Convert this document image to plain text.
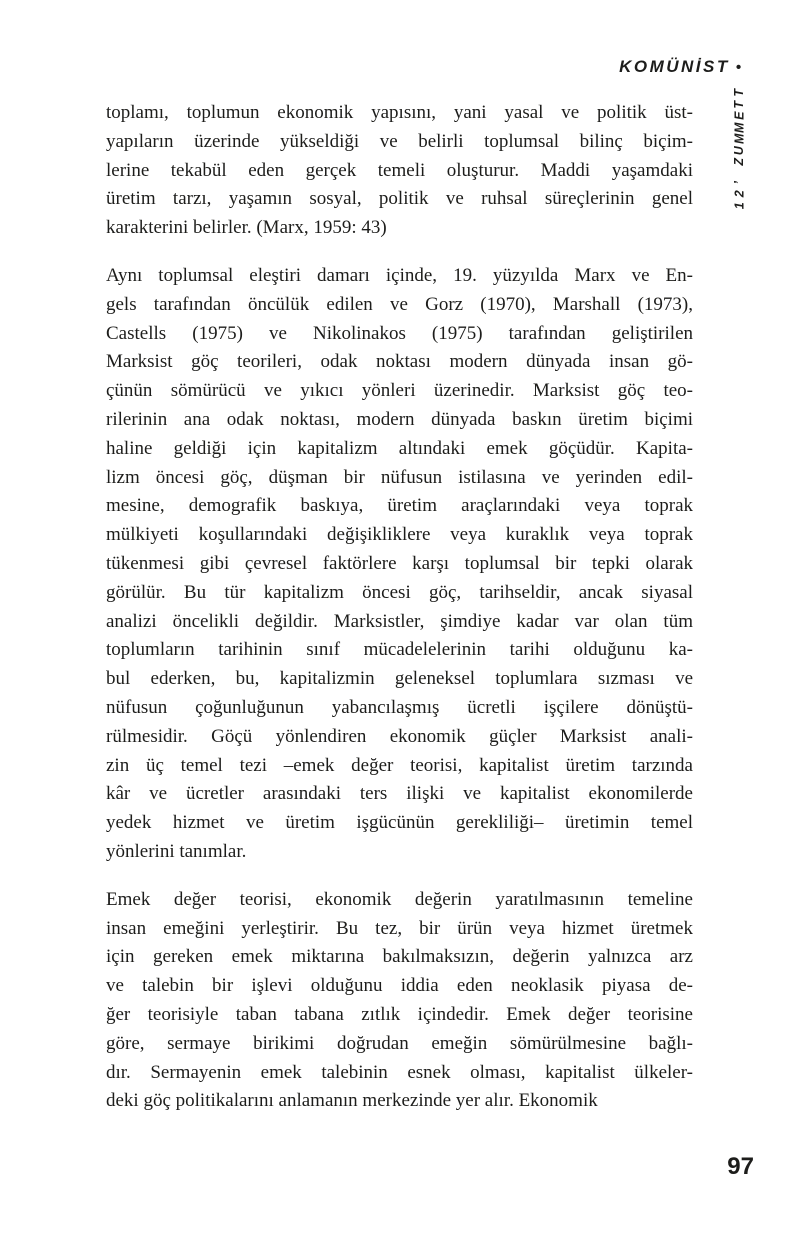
KOMÜNİST •
T
T
E
M
M
U
Z

’
2
1
toplamı, toplumun ekonomik yapısını, yani yasal ve politik üst-
yapıların üzerinde yükseldiği ve belirli toplumsal bilinç biçim-
lerine tekabül eden gerçek temeli oluşturur. Maddi yaşamdaki
üretim tarzı, yaşamın sosyal, politik ve ruhsal süreçlerinin genel
karakterini belirler. (Marx, 1959: 43)
Aynı toplumsal eleştiri damarı içinde, 19. yüzyılda Marx ve En-
gels tarafından öncülük edilen ve Gorz (1970), Marshall (1973),
Castells (1975) ve Nikolinakos (1975) tarafından geliştirilen
Marksist göç teorileri, odak noktası modern dünyada insan gö-
çünün sömürücü ve yıkıcı yönleri üzerinedir. Marksist göç teo-
rilerinin ana odak noktası, modern dünyada baskın üretim biçimi
haline geldiği için kapitalizm altındaki emek göçüdür. Kapita-
lizm öncesi göç, düşman bir nüfusun istilasına ve yerinden edil-
mesine, demografik baskıya, üretim araçlarındaki veya toprak
mülkiyeti koşullarındaki değişikliklere veya kuraklık veya toprak
tükenmesi gibi çevresel faktörlere karşı toplumsal bir tepki olarak
görülür. Bu tür kapitalizm öncesi göç, tarihseldir, ancak siyasal
analizi öncelikli değildir. Marksistler, şimdiye kadar var olan tüm
toplumların tarihinin sınıf mücadelelerinin tarihi olduğunu ka-
bul ederken, bu, kapitalizmin geleneksel toplumlara sızması ve
nüfusun çoğunluğunun yabancılaşmış ücretli işçilere dönüştü-
rülmesidir. Göçü yönlendiren ekonomik güçler Marksist anali-
zin üç temel tezi –emek değer teorisi, kapitalist üretim tarzında
kâr ve ücretler arasındaki ters ilişki ve kapitalist ekonomilerde
yedek hizmet ve üretim işgücünün gerekliliği– üretimin temel
yönlerini tanımlar.
Emek değer teorisi, ekonomik değerin yaratılmasının temeline
insan emeğini yerleştirir. Bu tez, bir ürün veya hizmet üretmek
için gereken emek miktarına bakılmaksızın, değerin yalnızca arz
ve talebin bir işlevi olduğunu iddia eden neoklasik piyasa de-
ğer teorisiyle taban tabana zıtlık içindedir. Emek değer teorisine
göre, sermaye birikimi doğrudan emeğin sömürülmesine bağlı-
dır. Sermayenin emek talebinin esnek olması, kapitalist ülkeler-
deki göç politikalarını anlamanın merkezinde yer alır. Ekonomik
97
